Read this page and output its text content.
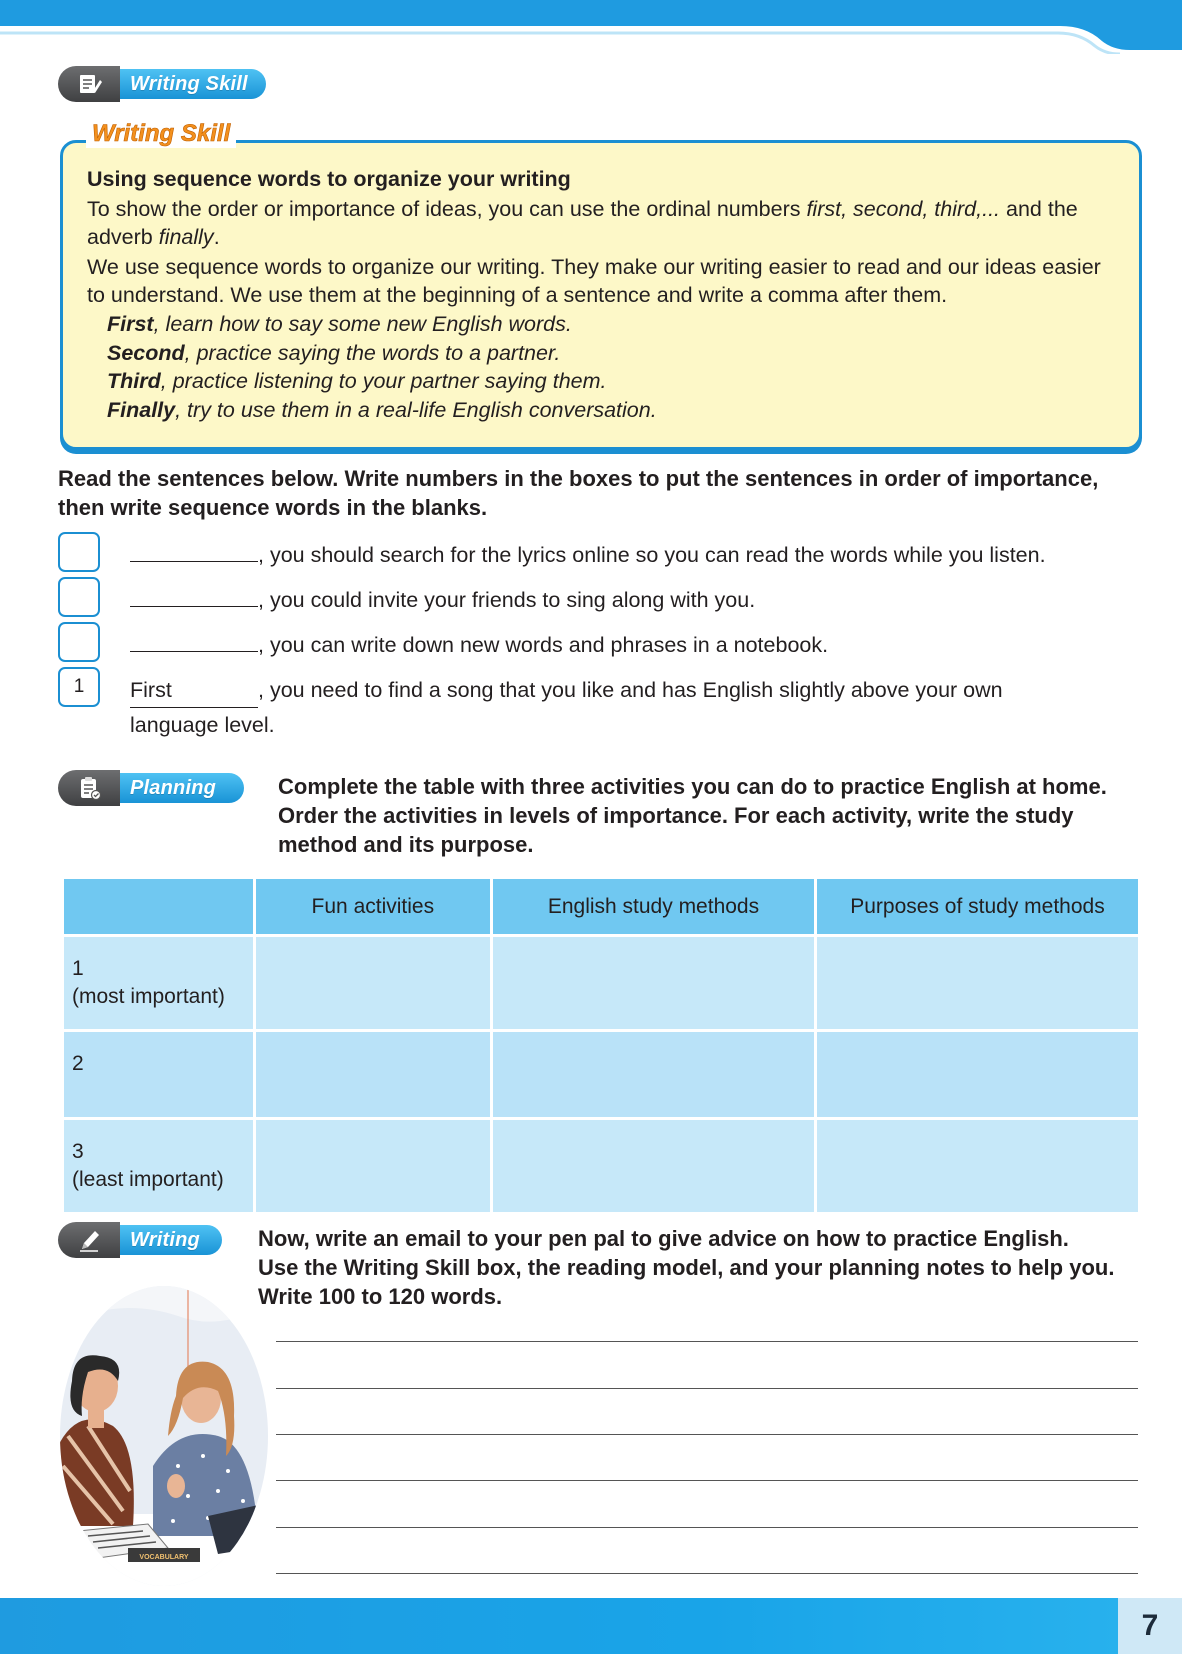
Writing Skill

Using sequence words to organize your writing

To show the order or importance of ideas, you can use the ordinal numbers first, second, third,... and the adverb finally.

We use sequence words to organize our writing. They make our writing easier to read and our ideas easier to understand. We use them at the beginning of a sentence and write a comma after them.

First, learn how to say some new English words.

Second, practice saying the words to a partner.

Third, practice listening to your partner saying them.

Finally, try to use them in a real-life English conversation.

Writing Skill
Read the sentences below. Write numbers in the boxes to put the sentences in order of importance, then write sequence words in the blanks.
, you should search for the lyrics online so you can read the words while you listen.
, you could invite your friends to sing along with you.
, you can write down new words and phrases in a notebook.
1	First	, you need to find a song that you like and has English slightly above your own
language level.
Planning	Complete the table with three activities you can do to practice English at home.
Order the activities in levels of importance. For each activity, write the study
method and its purpose.
	Fun activities	English study methods	Purposes of study methods

1
(most important)			

2			

3
(least important)			

Writing	Now, write an email to your pen pal to give advice on how to practice English.
Use the Writing Skill box, the reading model, and your planning notes to help you.
Write 100 to 120 words.
VOCABULARY
7
